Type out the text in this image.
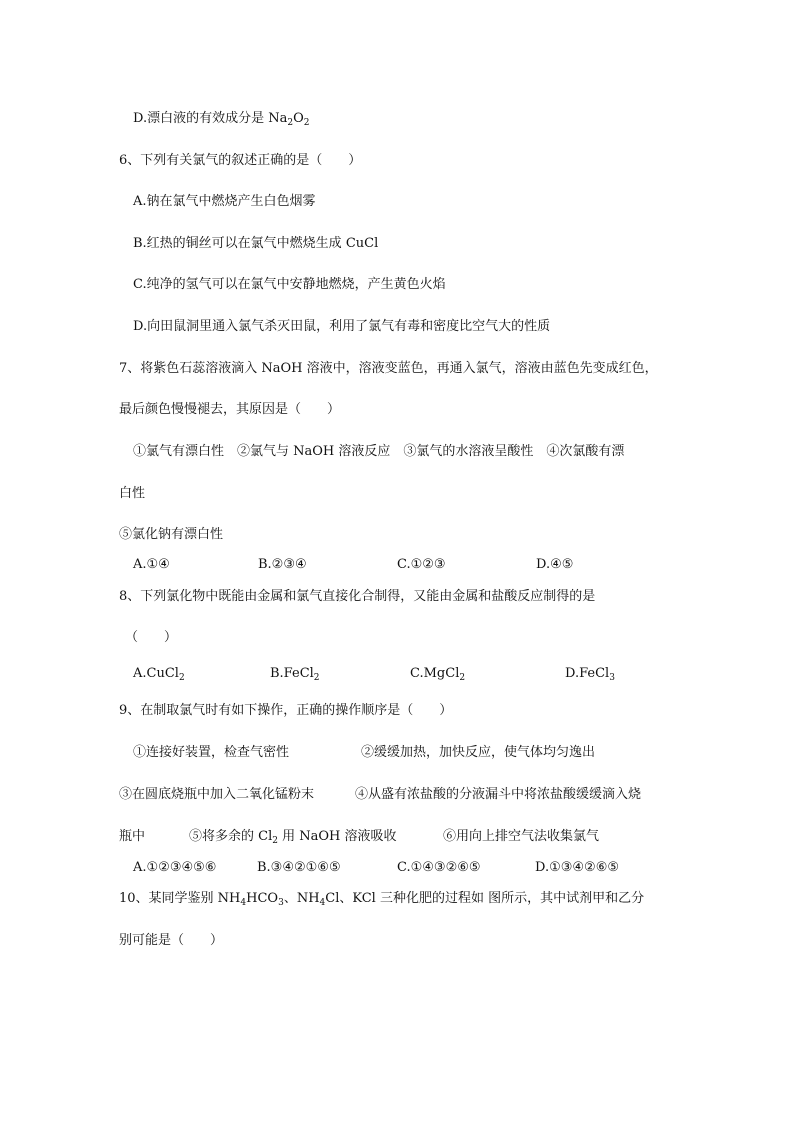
D.漂白液的有效成分是 $Na_2O_2$
6、下列有关氯气的叙述正确的是（　　）
A.钠在氯气中燃烧产生白色烟雾
B.红热的铜丝可以在氯气中燃烧生成 CuCl
C.纯净的氢气可以在氯气中安静地燃烧，产生黄色火焰
D.向田鼠洞里通入氯气杀灭田鼠，利用了氯气有毒和密度比空气大的性质
7、将紫色石蕊溶液滴入 NaOH 溶液中，溶液变蓝色，再通入氯气，溶液由蓝色先变成红色，
最后颜色慢慢褪去，其原因是（　　）
①氯气有漂白性　②氯气与 NaOH 溶液反应　③氯气的水溶液呈酸性　④次氯酸有漂
白性
⑤氯化钠有漂白性
A.①④	B.②③④	C.①②③	D.④⑤
8、下列氯化物中既能由金属和氯气直接化合制得，又能由金属和盐酸反应制得的是
（　　）
A.CuCl$_2$	B.FeCl$_2$	C.MgCl$_2$	D.FeCl$_3$
9、在制取氯气时有如下操作，正确的操作顺序是（　　）
①连接好装置，检查气密性	②缓缓加热，加快反应，使气体均匀逸出
③在圆底烧瓶中加入二氧化锰粉末	④从盛有浓盐酸的分液漏斗中将浓盐酸缓缓滴入烧
瓶中	⑤将多余的 $Cl_2$ 用 NaOH 溶液吸收	⑥用向上排空气法收集氯气
A.①②③④⑤⑥	B.③④②①⑥⑤	C.①④③②⑥⑤	D.①③④②⑥⑤
10、某同学鉴别 $NH_4HCO_3$、$NH_4Cl$、KCl 三种化肥的过程如 图所示，其中试剂甲和乙分
别可能是（　　）
